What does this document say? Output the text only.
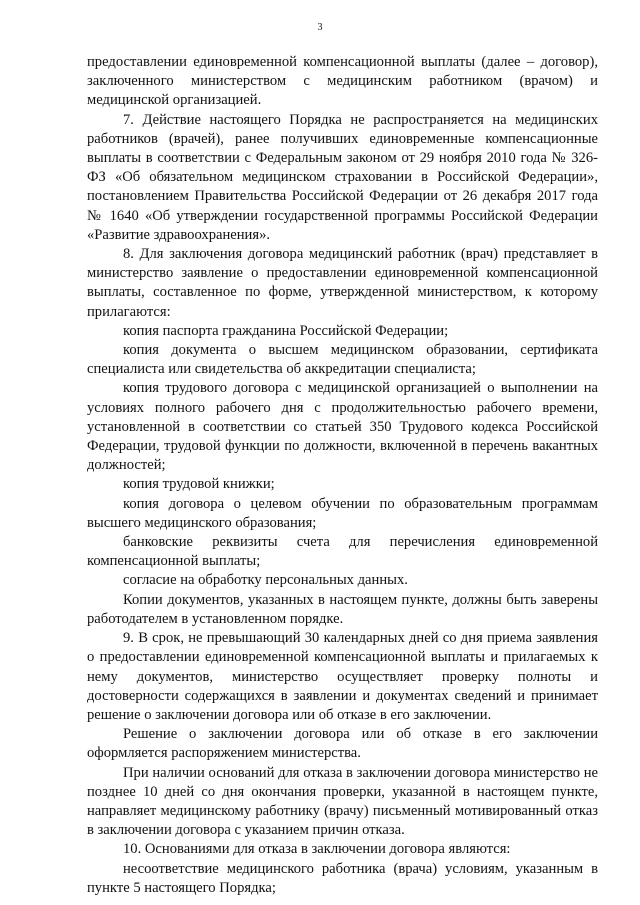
3

предоставлении единовременной компенсационной выплаты (далее – договор), заключенного министерством с медицинским работником (врачом) и медицинской организацией.

7. Действие настоящего Порядка не распространяется на медицинских работников (врачей), ранее получивших единовременные компенсационные выплаты в соответствии с Федеральным законом от 29 ноября 2010 года № 326-ФЗ «Об обязательном медицинском страховании в Российской Федерации», постановлением Правительства Российской Федерации от 26 декабря 2017 года № 1640 «Об утверждении государственной программы Российской Федерации «Развитие здравоохранения».

8. Для заключения договора медицинский работник (врач) представляет в министерство заявление о предоставлении единовременной компенсационной выплаты, составленное по форме, утвержденной министерством, к которому прилагаются:

копия паспорта гражданина Российской Федерации;

копия документа о высшем медицинском образовании, сертификата специалиста или свидетельства об аккредитации специалиста;

копия трудового договора с медицинской организацией о выполнении на условиях полного рабочего дня с продолжительностью рабочего времени, установленной в соответствии со статьей 350 Трудового кодекса Российской Федерации, трудовой функции по должности, включенной в перечень вакантных должностей;

копия трудовой книжки;

копия договора о целевом обучении по образовательным программам высшего медицинского образования;

банковские реквизиты счета для перечисления единовременной компенсационной выплаты;

согласие на обработку персональных данных.

Копии документов, указанных в настоящем пункте, должны быть заверены работодателем в установленном порядке.

9. В срок, не превышающий 30 календарных дней со дня приема заявления о предоставлении единовременной компенсационной выплаты и прилагаемых к нему документов, министерство осуществляет проверку полноты и достоверности содержащихся в заявлении и документах сведений и принимает решение о заключении договора или об отказе в его заключении.

Решение о заключении договора или об отказе в его заключении оформляется распоряжением министерства.

При наличии оснований для отказа в заключении договора министерство не позднее 10 дней со дня окончания проверки, указанной в настоящем пункте, направляет медицинскому работнику (врачу) письменный мотивированный отказ в заключении договора с указанием причин отказа.

10. Основаниями для отказа в заключении договора являются:

несоответствие медицинского работника (врача) условиям, указанным в пункте 5 настоящего Порядка;
